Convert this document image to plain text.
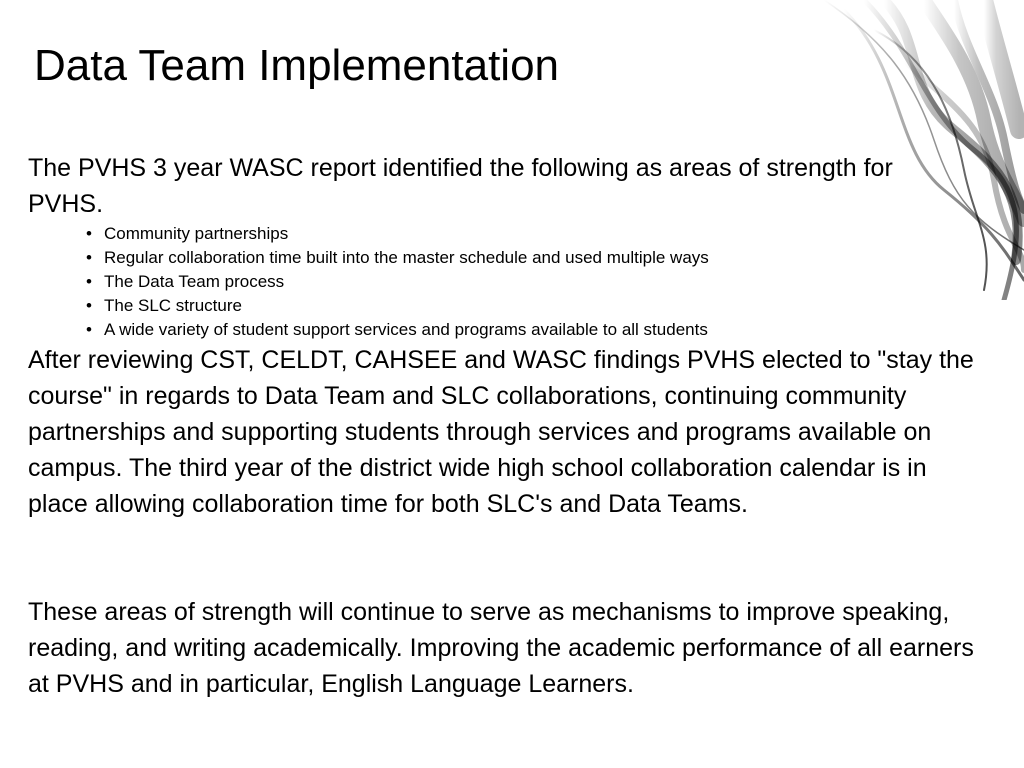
Data Team Implementation

The PVHS 3 year WASC report identified the following as areas of strength for PVHS.

• Community partnerships
• Regular collaboration time built into the master schedule and used multiple ways
• The Data Team process
• The SLC structure
• A wide variety of student support services and programs available to all students

After reviewing CST, CELDT, CAHSEE and WASC findings PVHS elected to "stay the course" in regards to Data Team and SLC collaborations, continuing community partnerships and supporting students through services and programs available on campus. The third year of the district wide high school collaboration calendar is in place allowing collaboration time for both SLC's and Data Teams.

These areas of strength will continue to serve as mechanisms to improve speaking, reading, and writing academically. Improving the academic performance of all earners at PVHS and in particular, English Language Learners.
